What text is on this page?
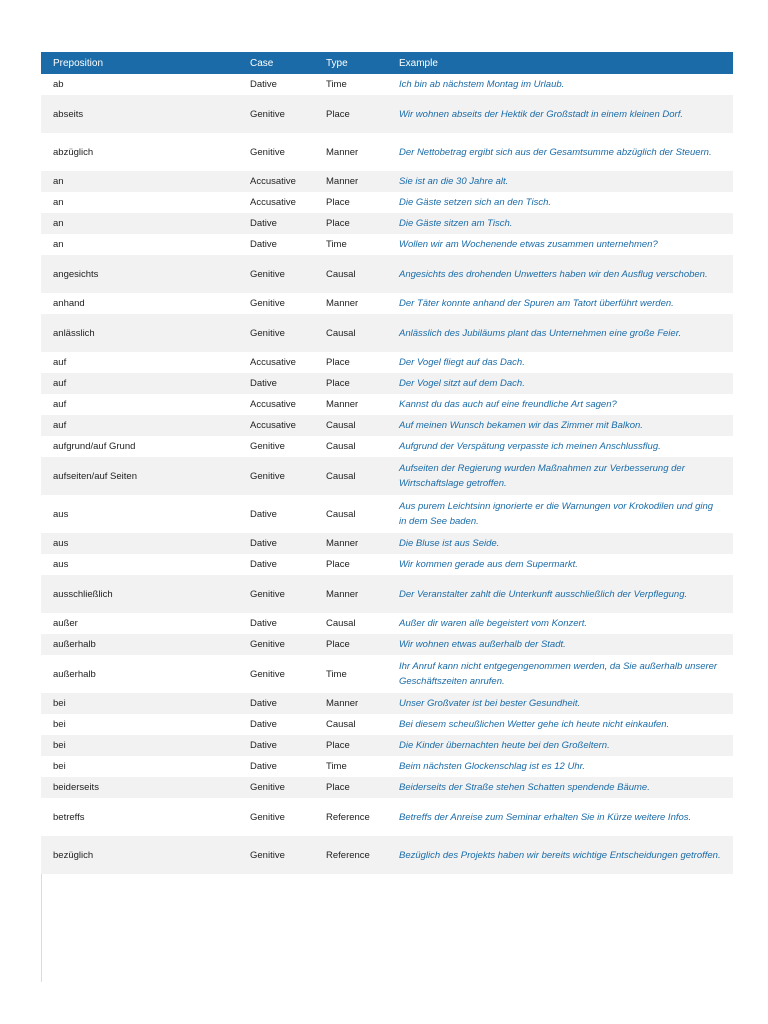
Preposition	Case	Type	Example
ab	Dative	Time	Ich bin ab nächstem Montag im Urlaub.
abseits	Genitive	Place	Wir wohnen abseits der Hektik der Großstadt in einem kleinen Dorf.
abzüglich	Genitive	Manner	Der Nettobetrag ergibt sich aus der Gesamtsumme abzüglich der Steuern.
an	Accusative	Manner	Sie ist an die 30 Jahre alt.
an	Accusative	Place	Die Gäste setzen sich an den Tisch.
an	Dative	Place	Die Gäste sitzen am Tisch.
an	Dative	Time	Wollen wir am Wochenende etwas zusammen unternehmen?
angesichts	Genitive	Causal	Angesichts des drohenden Unwetters haben wir den Ausflug verschoben.
anhand	Genitive	Manner	Der Täter konnte anhand der Spuren am Tatort überführt werden.
anlässlich	Genitive	Causal	Anlässlich des Jubiläums plant das Unternehmen eine große Feier.
auf	Accusative	Place	Der Vogel fliegt auf das Dach.
auf	Dative	Place	Der Vogel sitzt auf dem Dach.
auf	Accusative	Manner	Kannst du das auch auf eine freundliche Art sagen?
auf	Accusative	Causal	Auf meinen Wunsch bekamen wir das Zimmer mit Balkon.
aufgrund/auf Grund	Genitive	Causal	Aufgrund der Verspätung verpasste ich meinen Anschlussflug.
aufseiten/auf Seiten	Genitive	Causal	Aufseiten der Regierung wurden Maßnahmen zur Verbesserung der Wirtschaftslage getroffen.
aus	Dative	Causal	Aus purem Leichtsinn ignorierte er die Warnungen vor Krokodilen und ging in dem See baden.
aus	Dative	Manner	Die Bluse ist aus Seide.
aus	Dative	Place	Wir kommen gerade aus dem Supermarkt.
ausschließlich	Genitive	Manner	Der Veranstalter zahlt die Unterkunft ausschließlich der Verpflegung.
außer	Dative	Causal	Außer dir waren alle begeistert vom Konzert.
außerhalb	Genitive	Place	Wir wohnen etwas außerhalb der Stadt.
außerhalb	Genitive	Time	Ihr Anruf kann nicht entgegengenommen werden, da Sie außerhalb unserer Geschäftszeiten anrufen.
bei	Dative	Manner	Unser Großvater ist bei bester Gesundheit.
bei	Dative	Causal	Bei diesem scheußlichen Wetter gehe ich heute nicht einkaufen.
bei	Dative	Place	Die Kinder übernachten heute bei den Großeltern.
bei	Dative	Time	Beim nächsten Glockenschlag ist es 12 Uhr.
beiderseits	Genitive	Place	Beiderseits der Straße stehen Schatten spendende Bäume.
betreffs	Genitive	Reference	Betreffs der Anreise zum Seminar erhalten Sie in Kürze weitere Infos.
bezüglich	Genitive	Reference	Bezüglich des Projekts haben wir bereits wichtige Entscheidungen getroffen.
